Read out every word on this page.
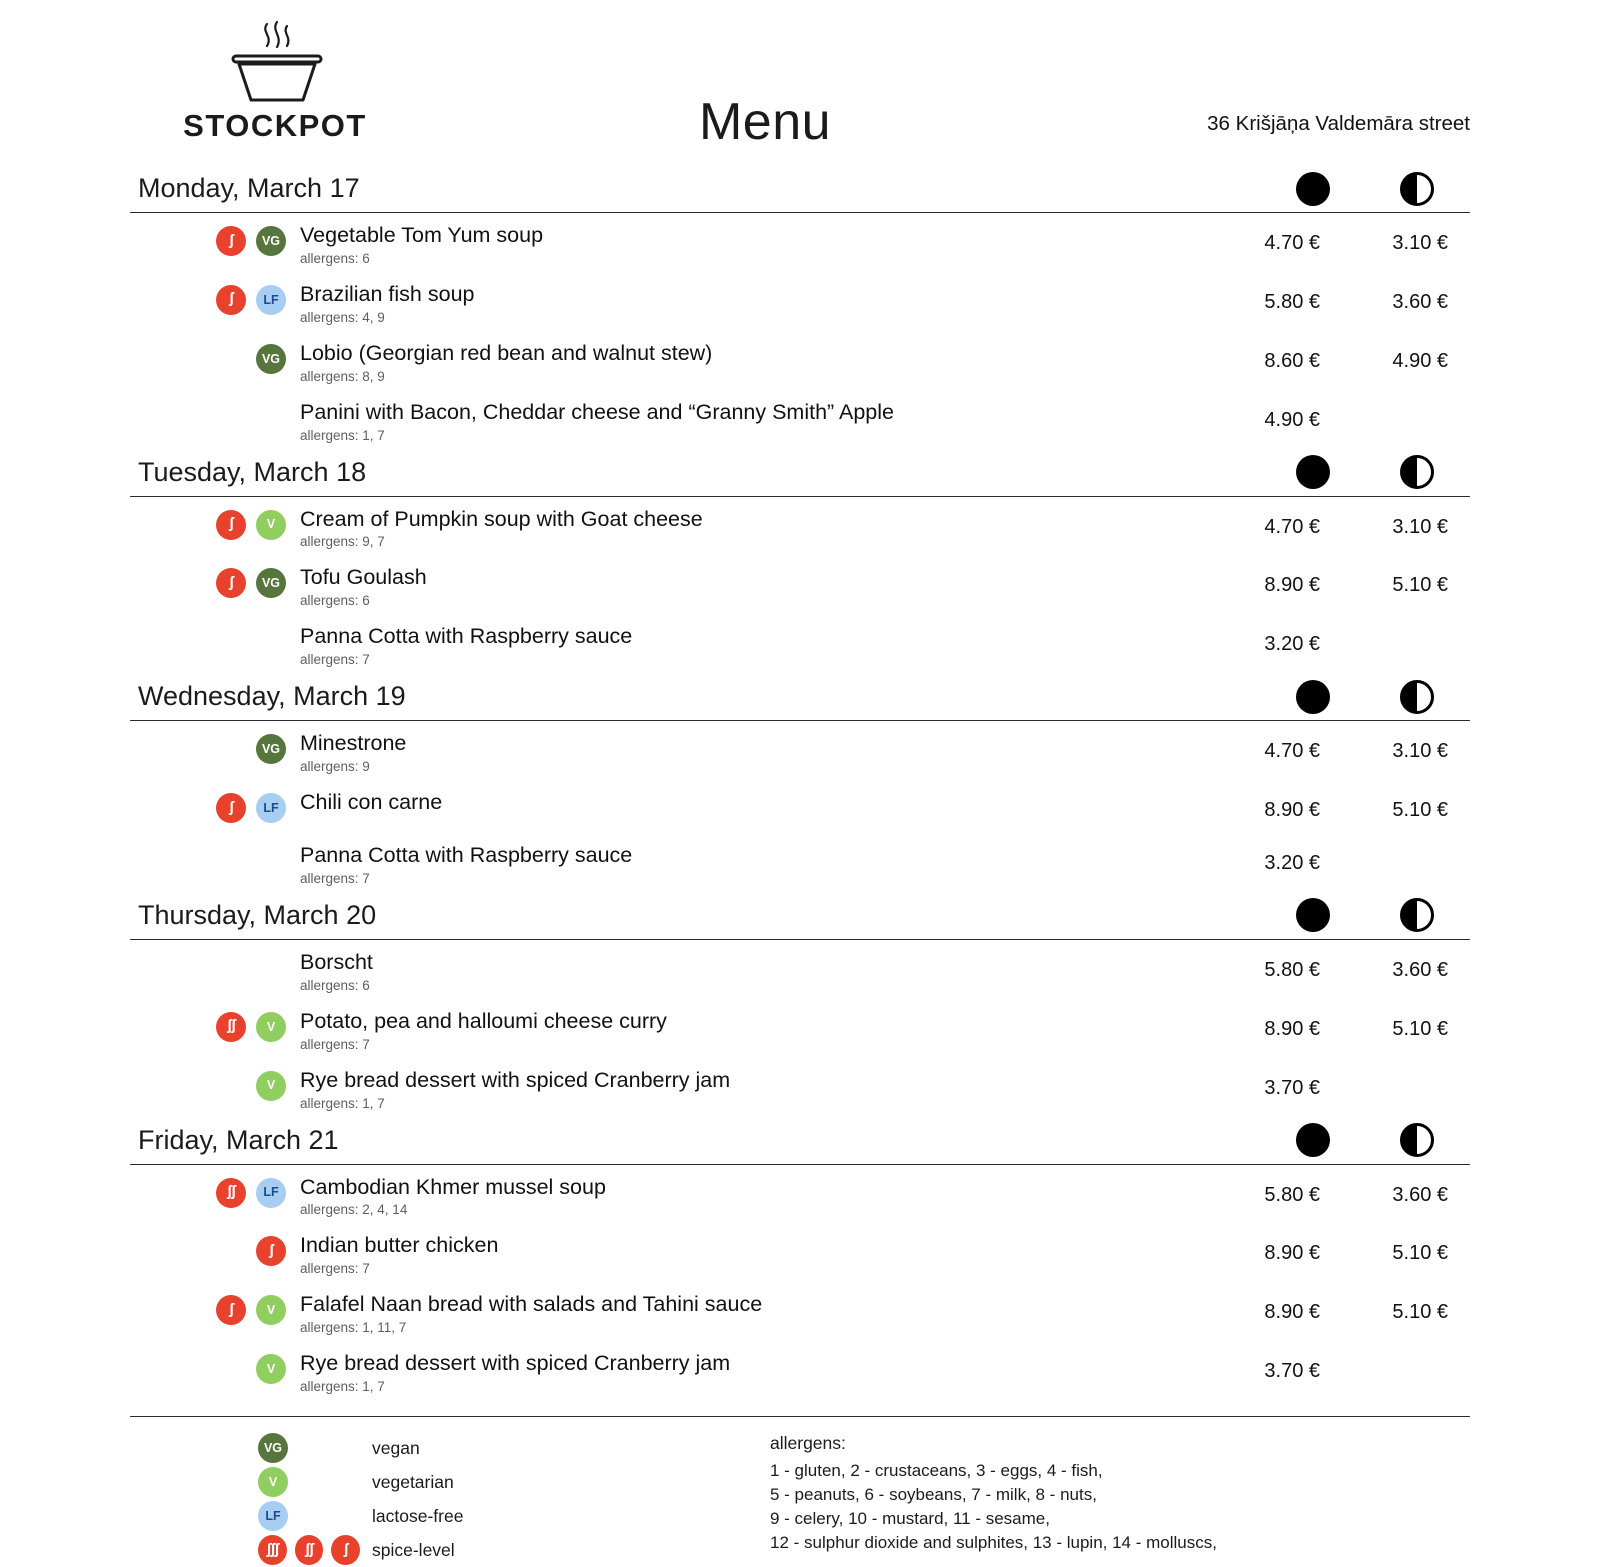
STOCKPOT	Menu	36 Krišjāņa Valdemāra street
Monday, March 17
ʃ	VG Vegetable Tom Yum soup
allergens: 6
4.70 €	3.10 €
ʃ	LF Brazilian fish soup
allergens: 4, 9
5.80 €	3.60 €
VG Lobio (Georgian red bean and walnut stew)
allergens: 8, 9
8.60 €	4.90 €
Panini with Bacon, Cheddar cheese and “Granny Smith” Apple
allergens: 1, 7
4.90 €
Tuesday, March 18
ʃ	V	Cream of Pumpkin soup with Goat cheese
allergens: 9, 7
4.70 €	3.10 €
ʃ	VG Tofu Goulash
allergens: 6
8.90 €	5.10 €
Panna Cotta with Raspberry sauce
allergens: 7
3.20 €
Wednesday, March 19
VG Minestrone
allergens: 9
4.70 €	3.10 €
ʃ	LF Chili con carne	8.90 €	5.10 €
Panna Cotta with Raspberry sauce
allergens: 7
3.20 €
Thursday, March 20
Borscht
allergens: 6
5.80 €	3.60 €
ʃʃ	V	Potato, pea and halloumi cheese curry
allergens: 7
8.90 €	5.10 €
V	Rye bread dessert with spiced Cranberry jam
allergens: 1, 7
3.70 €
Friday, March 21
ʃʃ	LF Cambodian Khmer mussel soup
allergens: 2, 4, 14
5.80 €	3.60 €
ʃ	Indian butter chicken
allergens: 7
8.90 €	5.10 €
ʃ	V	Falafel Naan bread with salads and Tahini sauce
allergens: 1, 11, 7
8.90 €	5.10 €
V	Rye bread dessert with spiced Cranberry jam
allergens: 1, 7
3.70 €
VG	vegan
V	vegetarian
LF	lactose-free
ʃʃʃ	ʃʃ	ʃ	spice-level
allergens:
1 - gluten, 2 - crustaceans, 3 - eggs, 4 - fish,
5 - peanuts, 6 - soybeans, 7 - milk, 8 - nuts,
9 - celery, 10 - mustard, 11 - sesame,
12 - sulphur dioxide and sulphites, 13 - lupin, 14 - molluscs,
